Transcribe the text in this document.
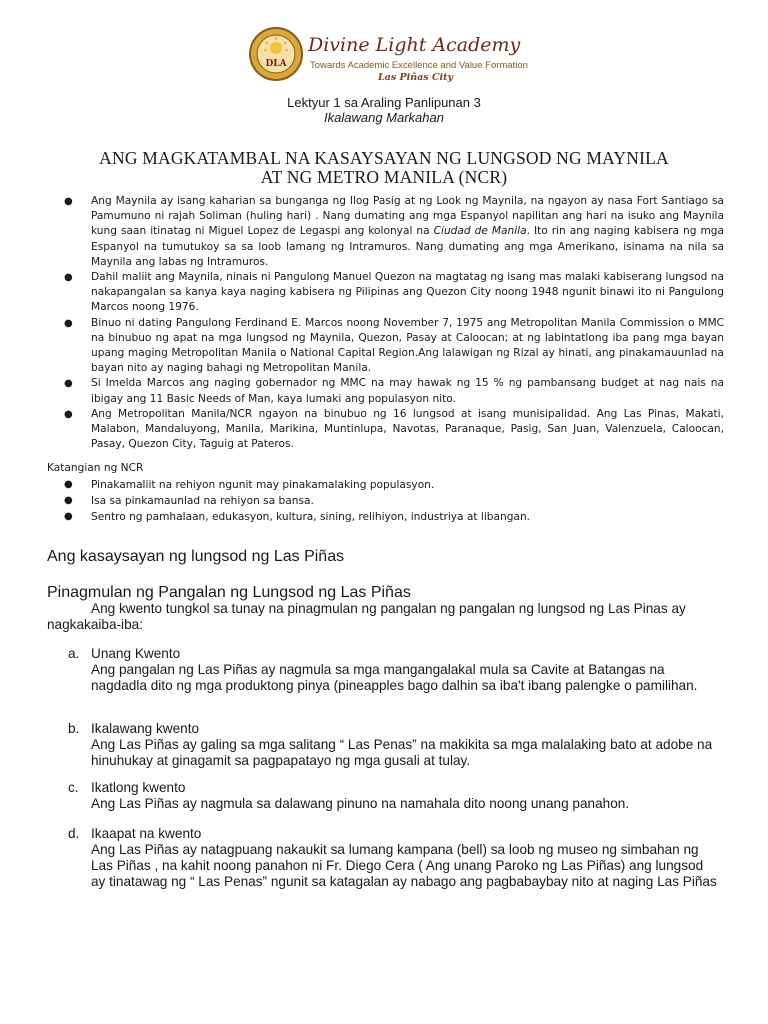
DLA
Divine Light Academy
Towards Academic Excellence and Value Formation
Las Piñas City
Lektyur 1 sa Araling Panlipunan 3
Ikalawang Markahan
ANG MAGKATAMBAL NA KASAYSAYAN NG LUNGSOD NG MAYNILA
AT NG METRO MANILA (NCR)
● Ang Maynila ay isang kaharian sa bunganga ng Ilog Pasig at ng Look ng Maynila, na ngayon ay nasa Fort Santiago sa Pamumuno ni rajah Soliman (huling hari) . Nang dumating ang mga Espanyol napilitan ang hari na isuko ang Maynila kung saan itinatag ni Miguel Lopez de Legaspi ang kolonyal na Ciudad de Manila. Ito rin ang naging kabisera ng mga Espanyol na tumutukoy sa sa loob lamang ng Intramuros. Nang dumating ang mga Amerikano, isinama na nila sa Maynila ang labas ng Intramuros.
● Dahil maliit ang Maynila, ninais ni Pangulong Manuel Quezon na magtatag ng isang mas malaki kabiserang lungsod na nakapangalan sa kanya kaya naging kabisera ng Pilipinas ang Quezon City noong 1948 ngunit binawi ito ni Pangulong Marcos noong 1976.
● Binuo ni dating Pangulong Ferdinand E. Marcos noong November 7, 1975 ang Metropolitan Manila Commission o MMC na binubuo ng apat na mga lungsod ng Maynila, Quezon, Pasay at Caloocan; at ng labintatlong iba pang mga bayan upang maging Metropolitan Manila o National Capital Region.Ang lalawigan ng Rizal ay hinati, ang pinakamauunlad na bayan nito ay naging bahagi ng Metropolitan Manila.
● Si Imelda Marcos ang naging gobernador ng MMC na may hawak ng 15 % ng pambansang budget at nag nais na ibigay ang 11 Basic Needs of Man, kaya lumaki ang populasyon nito.
● Ang Metropolitan Manila/NCR ngayon na binubuo ng 16 lungsod at isang munisipalidad. Ang Las Pinas, Makati, Malabon, Mandaluyong, Manila, Marikina, Muntinlupa, Navotas, Paranaque, Pasig, San Juan, Valenzuela, Caloocan, Pasay, Quezon City, Taguig at Pateros.
Katangian ng NCR
● Pinakamaliit na rehiyon ngunit may pinakamalaking populasyon.
● Isa sa pinkamaunlad na rehiyon sa bansa.
● Sentro ng pamhalaan, edukasyon, kultura, sining, relihiyon, industriya at libangan.
Ang kasaysayan ng lungsod ng Las Piñas
Pinagmulan ng Pangalan ng Lungsod ng Las Piñas
Ang kwento tungkol sa tunay na pinagmulan ng pangalan ng pangalan ng lungsod ng Las Pinas ay nagkakaiba-iba:
a. Unang Kwento
Ang pangalan ng Las Piñas ay nagmula sa mga mangangalakal mula sa Cavite at Batangas na nagdadla dito ng mga produktong pinya (pineapples bago dalhin sa iba't ibang palengke o pamilihan.
b. Ikalawang kwento
Ang Las Piñas ay galing sa mga salitang “ Las Penas” na makikita sa mga malalaking bato at adobe na hinuhukay at ginagamit sa pagpapatayo ng mga gusali at tulay.
c. Ikatlong kwento
Ang Las Piñas ay nagmula sa dalawang pinuno na namahala dito noong unang panahon.
d. Ikaapat na kwento
Ang Las Piñas ay natagpuang nakaukit sa lumang kampana (bell) sa loob ng museo ng simbahan ng Las Piñas , na kahit noong panahon ni Fr. Diego Cera ( Ang unang Paroko ng Las Piñas) ang lungsod ay tinatawag ng “ Las Penas” ngunit sa katagalan ay nabago ang pagbabaybay nito at naging Las Piñas
